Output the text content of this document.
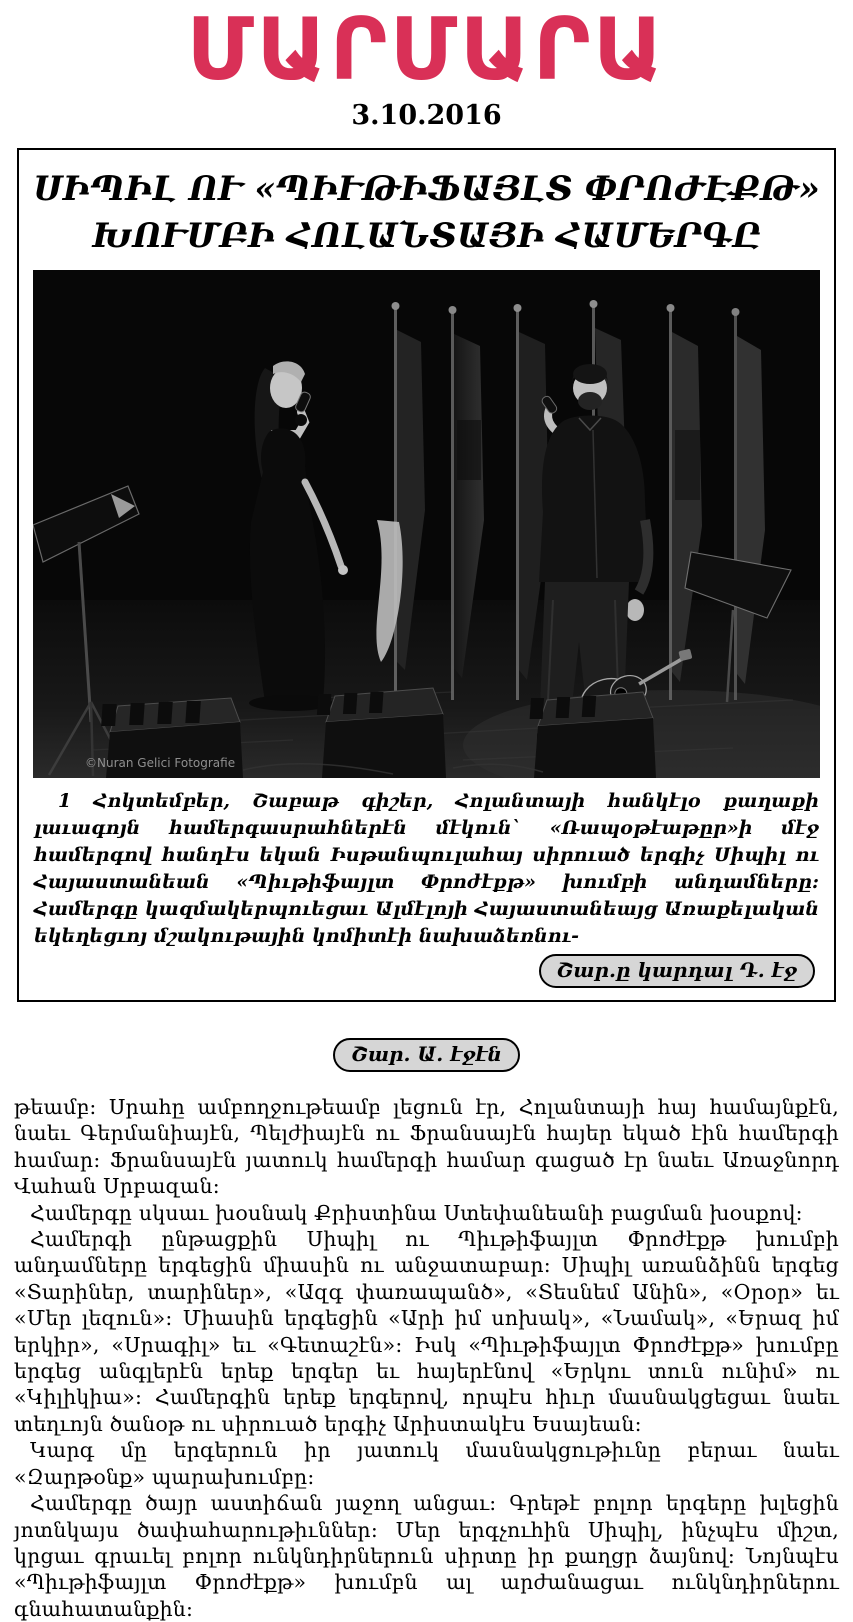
ՄԱՐՄԱՐԱ
3.10.2016
ՍԻՊԻԼ ՈՒ «ՊԻՒԹԻՖԱՅԼՏ ՓՐՈԺԷՔԹ»
ԽՈՒՄԲԻ ՀՈԼԱՆՏԱՅԻ ՀԱՄԵՐԳԸ
©Nuran Gelici Fotografie

1 Հոկտեմբեր, Շաբաթ գիշեր, Հոլանտայի հանկէլօ քաղաքի լաւագոյն համերգասրահներէն մէկուն` «Ռապօթէաթըր»ի մէջ համերգով հանդէս եկան Իսթանպուլահայ սիրուած երգիչ Սիպիլ ու Հայաստանեան «Պիւթիֆայլտ Փրոժէքթ» խումբի անդամները: Համերգը կազմակերպուեցաւ Ալմէլոյի Հայաստանեայց Առաքելական եկեղեցւոյ մշակութային կոմիտէի նախաձեռնու-

Շար.ը կարդալ Դ. էջ
Շար. Ա. էջէն

թեամբ: Սրահը ամբողջութեամբ լեցուն էր, Հոլանտայի հայ համայնքէն, նաեւ Գերմանիայէն, Պելժիայէն ու Ֆրանսայէն հայեր եկած էին համերգի համար: Ֆրանսայէն յատուկ համերգի համար գացած էր նաեւ Առաջնորդ Վահան Սրբազան:

Համերգը սկսաւ խօսնակ Քրիստինա Ստեփանեանի բացման խօսքով:

Համերգի ընթացքին Սիպիլ ու Պիւթիֆայլտ Փրոժէքթ խումբի անդամները երգեցին միասին ու անջատաբար: Սիպիլ առանձինն երգեց «Տարիներ, տարիներ», «Ազգ փառապանծ», «Տեսնեմ Անին», «Օրօր» եւ «Մեր լեզուն»: Միասին երգեցին «Արի իմ սոխակ», «Նամակ», «Երազ իմ երկիր», «Սրագիլ» եւ «Գետաշէն»: Իսկ «Պիւթիֆայլտ Փրոժէքթ» խումբը երգեց անգլերէն երեք երգեր եւ հայերէնով «Երկու տուն ունիմ» ու «Կիլիկիա»: Համերգին երեք երգերով, որպէս հիւր մասնակցեցաւ նաեւ տեղւոյն ծանօթ ու սիրուած երգիչ Արիստակէս Եսայեան:

Կարգ մը երգերուն իր յատուկ մասնակցութիւնը բերաւ նաեւ «Զարթօնք» պարախումբը:

Համերգը ծայր աստիճան յաջող անցաւ: Գրեթէ բոլոր երգերը խլեցին յոտնկայս ծափահարութիւններ: Մեր երգչուհին Սիպիլ, ինչպէս միշտ, կրցաւ գրաւել բոլոր ունկնդիրներուն սիրտը իր քաղցր ձայնով: Նոյնպէս «Պիւթիֆայլտ Փրոժէքթ» խումբն ալ արժանացաւ ունկնդիրներու գնահատանքին:
